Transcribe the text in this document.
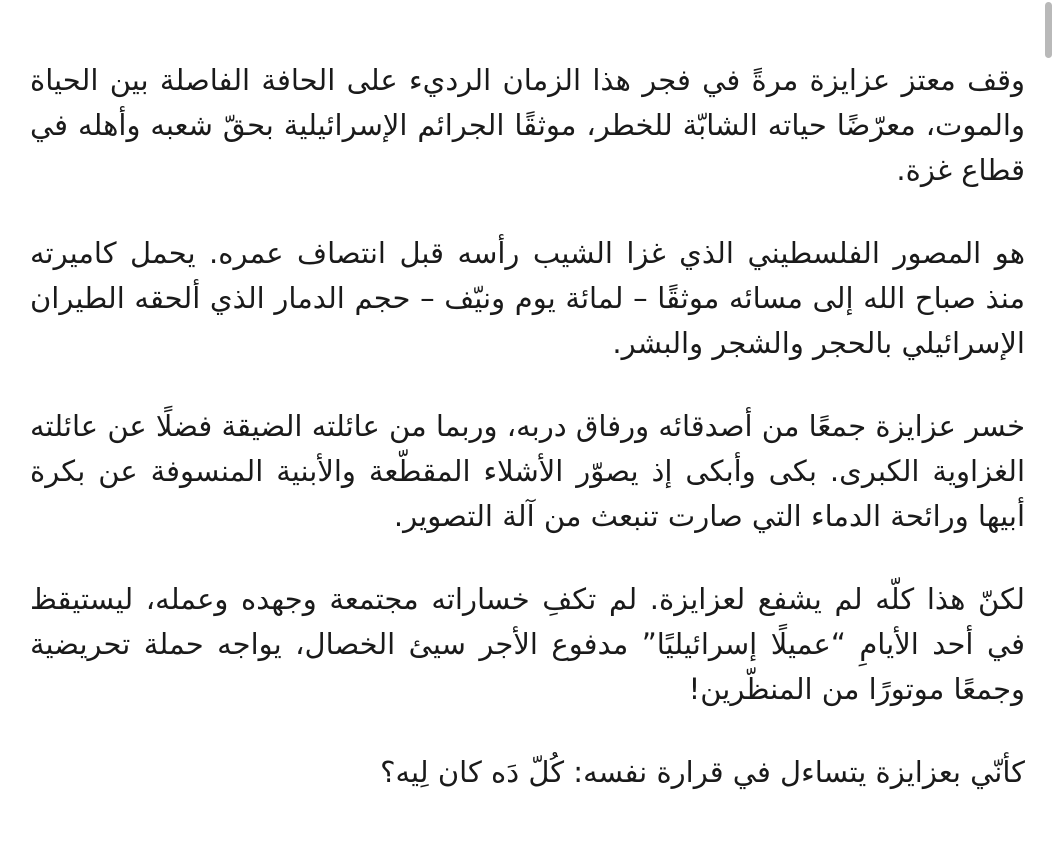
وقف معتز عزايزة مرةً في فجر هذا الزمان الرديء على الحافة الفاصلة بين الحياة والموت، معرّضًا حياته الشابّة للخطر، موثقًا الجرائم الإسرائيلية بحقّ شعبه وأهله في قطاع غزة.

هو المصور الفلسطيني الذي غزا الشيب رأسه قبل انتصاف عمره. يحمل كاميرته منذ صباح الله إلى مسائه موثقًا – لمائة يوم ونيّف – حجم الدمار الذي ألحقه الطيران الإسرائيلي بالحجر والشجر والبشر.

خسر عزايزة جمعًا من أصدقائه ورفاق دربه، وربما من عائلته الضيقة فضلًا عن عائلته الغزاوية الكبرى. بكى وأبكى إذ يصوّر الأشلاء المقطّعة والأبنية المنسوفة عن بكرة أبيها ورائحة الدماء التي صارت تنبعث من آلة التصوير.

لكنّ هذا كلّه لم يشفع لعزايزة. لم تكفِ خساراته مجتمعة وجهده وعمله، ليستيقظ في أحد الأيامِ “عميلًا إسرائيليًا” مدفوع الأجر سيئ الخصال، يواجه حملة تحريضية وجمعًا موتورًا من المنظّرين!

كأنّي بعزايزة يتساءل في قرارة نفسه: كُلّ دَه كان لِيه؟
